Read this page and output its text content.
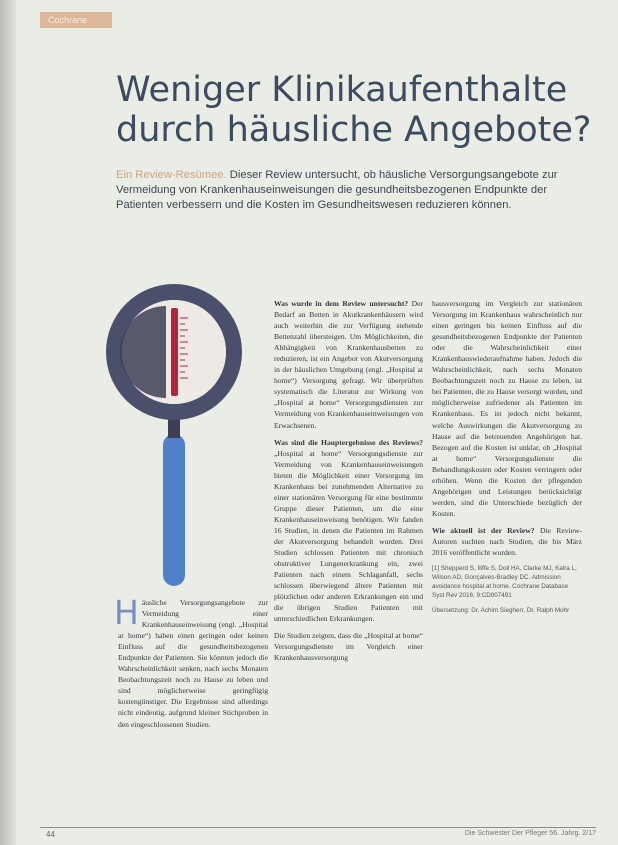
Cochrane
Weniger Klinikaufenthalte durch häusliche Angebote?

Ein Review-Resümee. Dieser Review untersucht, ob häusliche Versorgungsangebote zur Vermeidung von Krankenhauseinweisungen die gesundheitsbezogenen Endpunkte der Patienten verbessern und die Kosten im Gesundheitswesen reduzieren können.

Häusliche Versorgungsangebote zur Vermeidung einer Krankenhauseinweisung (engl. „Hospital at home“) haben einen geringen oder keinen Einfluss auf die gesundheitsbezogenen Endpunkte der Patienten. Sie könnten jedoch die Wahrscheinlichkeit senken, nach sechs Monaten Beobachtungszeit noch zu Hause zu leben und sind möglicherweise geringfügig kostengünstiger. Die Ergebnisse sind allerdings nicht eindeutig, aufgrund kleiner Stichproben in den eingeschlossenen Studien.

Was wurde in dem Review untersucht? Der Bedarf an Betten in Akutkrankenhäusern wird auch weiterhin die zur Verfügung stehende Bettenzahl übersteigen. Um Möglichkeiten, die Abhängigkeit von Krankenhausbetten zu reduzieren, ist ein Angebot von Akutversorgung in der häuslichen Umgebung (engl. „Hospital at home“) Versorgung gefragt. Wir überprüften systematisch die Literatur zur Wirkung von „Hospital at home“ Versorgungsdiensten zur Vermeidung von Krankenhauseinweisungen von Erwachsenen.

Was sind die Hauptergebnisse des Reviews? „Hospital at home“ Versorgungsdienste zur Vermeidung von Krankenhauseinweisungen bieten die Möglichkeit einer Versorgung im Krankenhaus bei zunehmenden Alternative zu einer stationären Versorgung für eine bestimmte Gruppe dieser Patienten, um die eine Krankenhauseinweisung benötigen. Wir fanden 16 Studien, in denen die Patienten im Rahmen der Akutversorgung behandelt wurden. Drei Studien schlossen Patienten mit chronisch obstruktiver Lungenerkrankung ein, zwei Patienten nach einem Schlaganfall, sechs schlossen überwiegend ältere Patienten mit plötzlichen oder anderen Erkrankungen ein und die übrigen Studien Patienten mit unterschiedlichen Erkrankungen.

Die Studien zeigten, dass die „Hospital at home“ Versorgungsdienste im Vergleich einer Krankenhausversorgung

hausversorgung im Vergleich zur stationären Versorgung im Krankenhaus wahrscheinlich nur einen geringen bis keinen Einfluss auf die gesundheitsbezogenen Endpunkte der Patienten oder die Wahrscheinlichkeit einer Krankenhauswiederaufnahme haben. Jedoch die Wahrscheinlichkeit, nach sechs Monaten Beobachtungszeit noch zu Hause zu leben, ist bei Patienten, die zu Hause versorgt wurden, und möglicherweise zufriedener als Patienten im Krankenhaus. Es ist jedoch nicht bekannt, welche Auswirkungen die Akutversorgung zu Hause auf die betreuenden Angehörigen hat. Bezogen auf die Kosten ist unklar, ob „Hospital at home“ Versorgungsdienste die Behandlungskosten oder Kosten verringern oder erhöhen. Wenn die Kosten der pflegenden Angehörigen und Leistungen berücksichtigt werden, sind die Unterschiede bezüglich der Kosten.

Wie aktuell ist der Review? Die Review-Autoren suchten nach Studien, die bis März 2016 veröffentlicht wurden.

[1] Shepperd S, Iliffe S, Doll HA, Clarke MJ, Kalra L, Wilson AD, Gonçalves-Bradley DC. Admission avoidance hospital at home. Cochrane Database Syst Rev 2016; 9:CD007491

Übersetzung: Dr. Achim Siegherr, Dr. Ralph Mohr

44	Die Schwester Der Pfleger 56. Jahrg. 2/17
